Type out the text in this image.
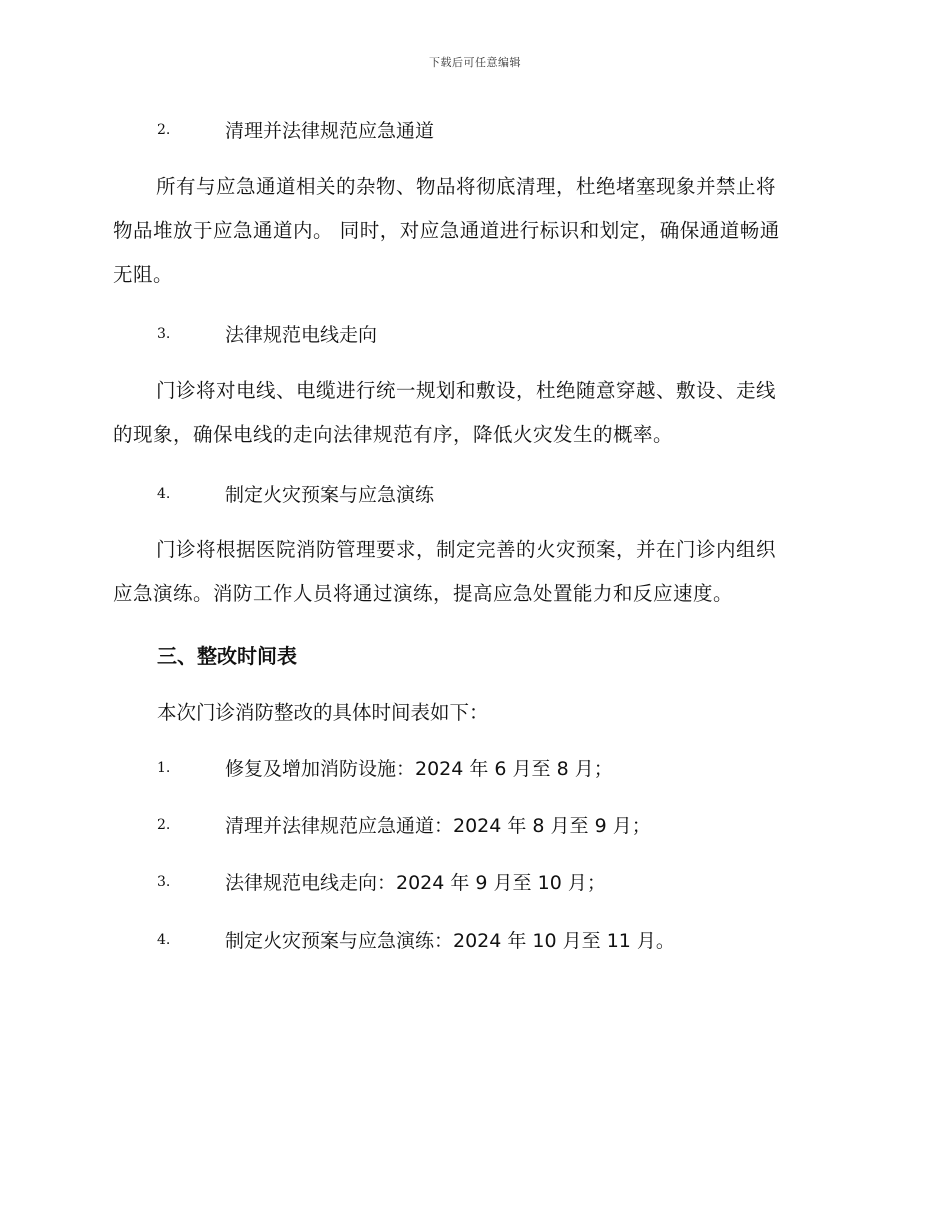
下载后可任意编辑
2.	清理并法律规范应急通道
所有与应急通道相关的杂物、物品将彻底清理，杜绝堵塞现象并禁止将
物品堆放于应急通道内。 同时，对应急通道进行标识和划定，确保通道畅通
无阻。
3.	法律规范电线走向
门诊将对电线、电缆进行统一规划和敷设，杜绝随意穿越、敷设、走线
的现象，确保电线的走向法律规范有序，降低火灾发生的概率。
4.	制定火灾预案与应急演练
门诊将根据医院消防管理要求，制定完善的火灾预案，并在门诊内组织
应急演练。消防工作人员将通过演练，提高应急处置能力和反应速度。
三、整改时间表
本次门诊消防整改的具体时间表如下：
1.	修复及增加消防设施：2024 年 6 月至 8 月；
2.	清理并法律规范应急通道：2024 年 8 月至 9 月；
3.	法律规范电线走向：2024 年 9 月至 10 月；
4.	制定火灾预案与应急演练：2024 年 10 月至 11 月。
